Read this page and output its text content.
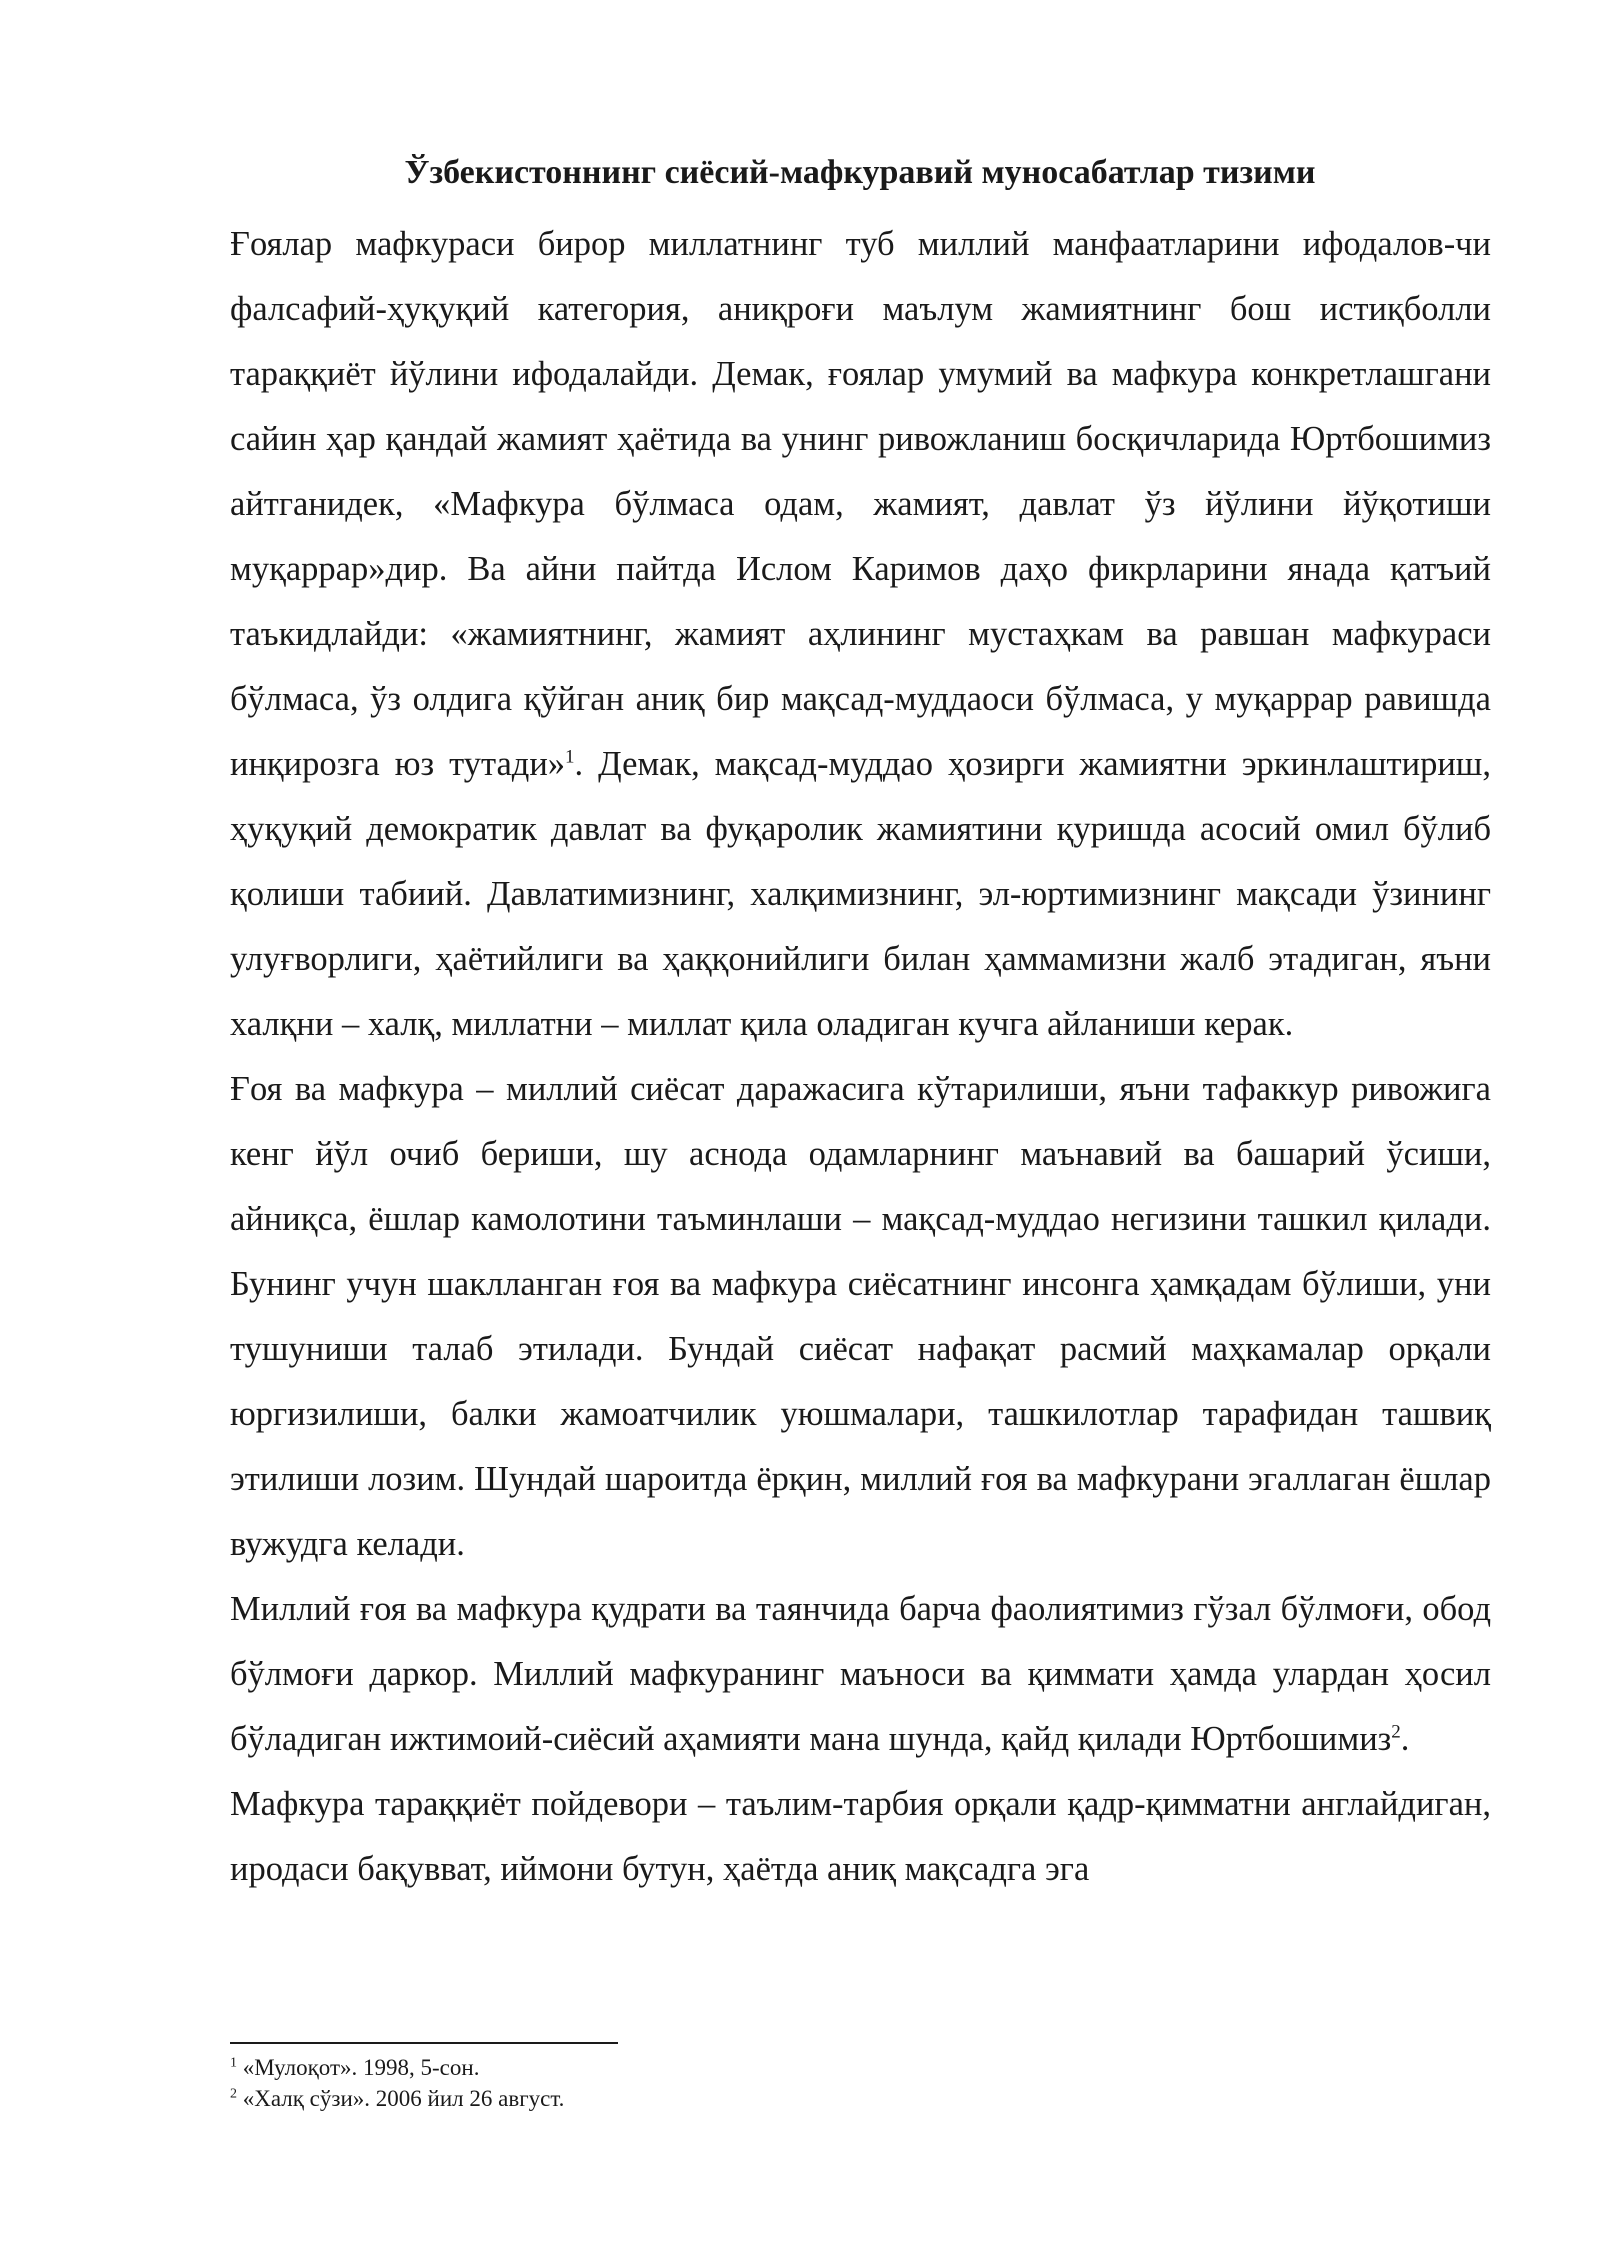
Ўзбекистоннинг сиёсий-мафкуравий муносабатлар тизими

Ғоялар мафкураси бирор миллатнинг туб миллий манфаатларини ифодалов-чи фалсафий-ҳуқуқий категория, аниқроғи маълум жамиятнинг бош истиқболли тараққиёт йўлини ифодалайди. Демак, ғоялар умумий ва мафкура конкретлашгани сайин ҳар қандай жамият ҳаётида ва унинг ривожланиш босқичларида Юртбошимиз айтганидек, «Мафкура бўлмаса одам, жамият, давлат ўз йўлини йўқотиши муқаррар»дир. Ва айни пайтда Ислом Каримов даҳо фикрларини янада қатъий таъкидлайди: «жамиятнинг, жамият аҳлининг мустаҳкам ва равшан мафкураси бўлмаса, ўз олдига қўйган аниқ бир мақсад-муддаоси бўлмаса, у муқаррар равишда инқирозга юз тутади»$^1$. Демак, мақсад-муддао ҳозирги жамиятни эркинлаштириш, ҳуқуқий демократик давлат ва фуқаролик жамиятини қуришда асосий омил бўлиб қолиши табиий. Давлатимизнинг, халқимизнинг, эл-юртимизнинг мақсади ўзининг улуғворлиги, ҳаётийлиги ва ҳаққонийлиги билан ҳаммамизни жалб этадиган, яъни халқни – халқ, миллатни – миллат қила оладиган кучга айланиши керак.

Ғоя ва мафкура – миллий сиёсат даражасига кўтарилиши, яъни тафаккур ривожига кенг йўл очиб бериши, шу аснода одамларнинг маънавий ва башарий ўсиши, айниқса, ёшлар камолотини таъминлаши – мақсад-муддао негизини ташкил қилади. Бунинг учун шаклланган ғоя ва мафкура сиёсатнинг инсонга ҳамқадам бўлиши, уни тушуниши талаб этилади. Бундай сиёсат нафақат расмий маҳкамалар орқали юргизилиши, балки жамоатчилик уюшмалари, ташкилотлар тарафидан ташвиқ этилиши лозим. Шундай шароитда ёрқин, миллий ғоя ва мафкурани эгаллаган ёшлар вужудга келади.

Миллий ғоя ва мафкура қудрати ва таянчида барча фаолиятимиз гўзал бўлмоғи, обод бўлмоғи даркор. Миллий мафкуранинг маъноси ва қиммати ҳамда улардан ҳосил бўладиган ижтимоий-сиёсий аҳамияти мана шунда, қайд қилади Юртбошимиз$^2$.

Мафкура тараққиёт пойдевори – таълим-тарбия орқали қадр-қимматни англайдиган, иродаси бақувват, иймони бутун, ҳаётда аниқ мақсадга эга

$^1$ «Мулоқот». 1998, 5-сон.
$^2$ «Халқ сўзи». 2006 йил 26 август.
